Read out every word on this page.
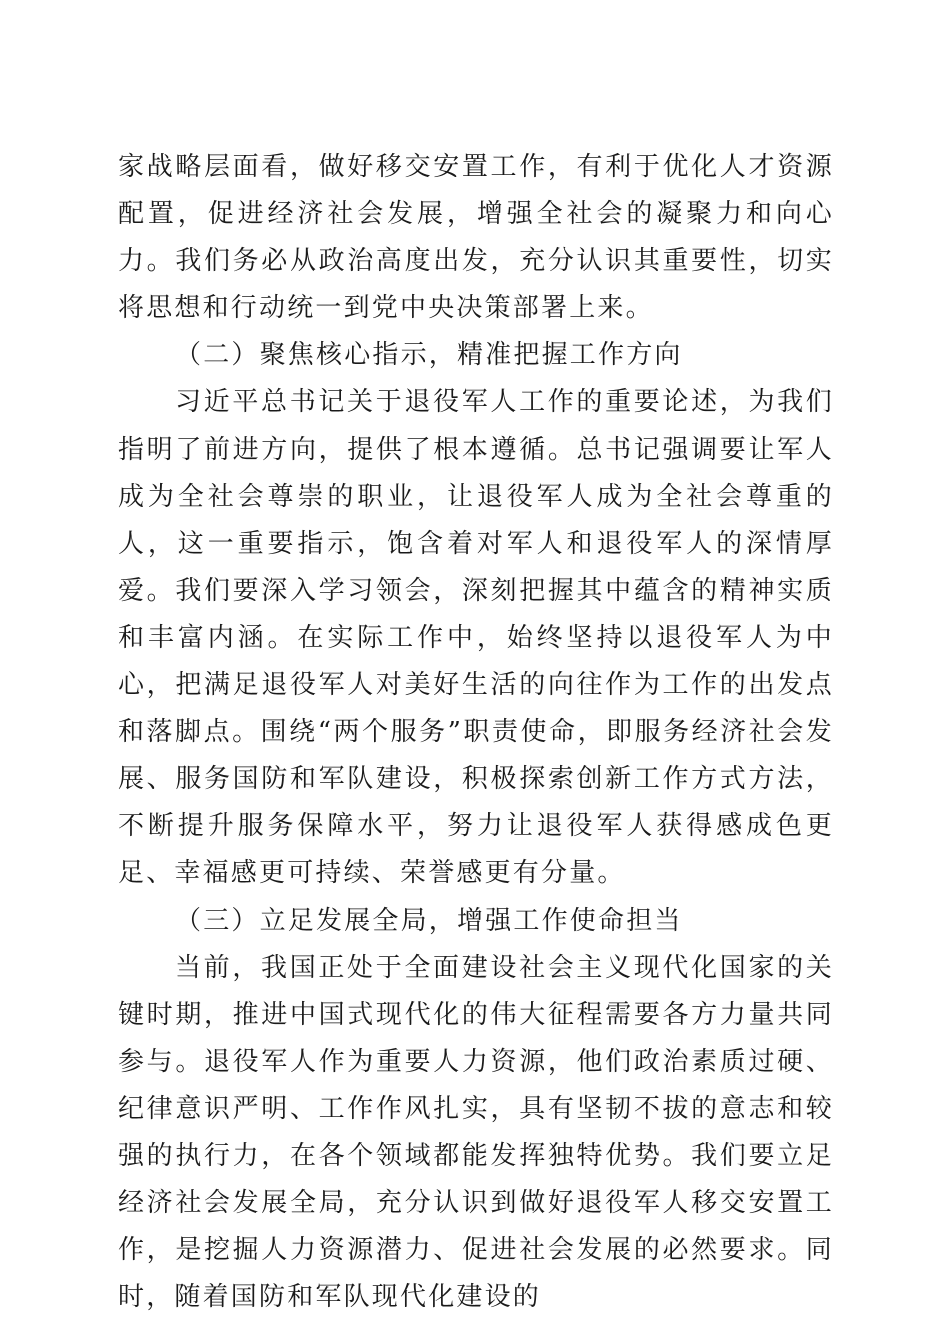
家战略层面看，做好移交安置工作，有利于优化人才资源配置，促进经济社会发展，增强全社会的凝聚力和向心力。我们务必从政治高度出发，充分认识其重要性，切实将思想和行动统一到党中央决策部署上来。

（二）聚焦核心指示，精准把握工作方向

习近平总书记关于退役军人工作的重要论述，为我们指明了前进方向，提供了根本遵循。总书记强调要让军人成为全社会尊崇的职业，让退役军人成为全社会尊重的人，这一重要指示，饱含着对军人和退役军人的深情厚爱。我们要深入学习领会，深刻把握其中蕴含的精神实质和丰富内涵。在实际工作中，始终坚持以退役军人为中心，把满足退役军人对美好生活的向往作为工作的出发点和落脚点。围绕“两个服务”职责使命，即服务经济社会发展、服务国防和军队建设，积极探索创新工作方式方法，不断提升服务保障水平，努力让退役军人获得感成色更足、幸福感更可持续、荣誉感更有分量。

（三）立足发展全局，增强工作使命担当

当前，我国正处于全面建设社会主义现代化国家的关键时期，推进中国式现代化的伟大征程需要各方力量共同参与。退役军人作为重要人力资源，他们政治素质过硬、纪律意识严明、工作作风扎实，具有坚韧不拔的意志和较强的执行力，在各个领域都能发挥独特优势。我们要立足经济社会发展全局，充分认识到做好退役军人移交安置工作，是挖掘人力资源潜力、促进社会发展的必然要求。同时，随着国防和军队现代化建设的
